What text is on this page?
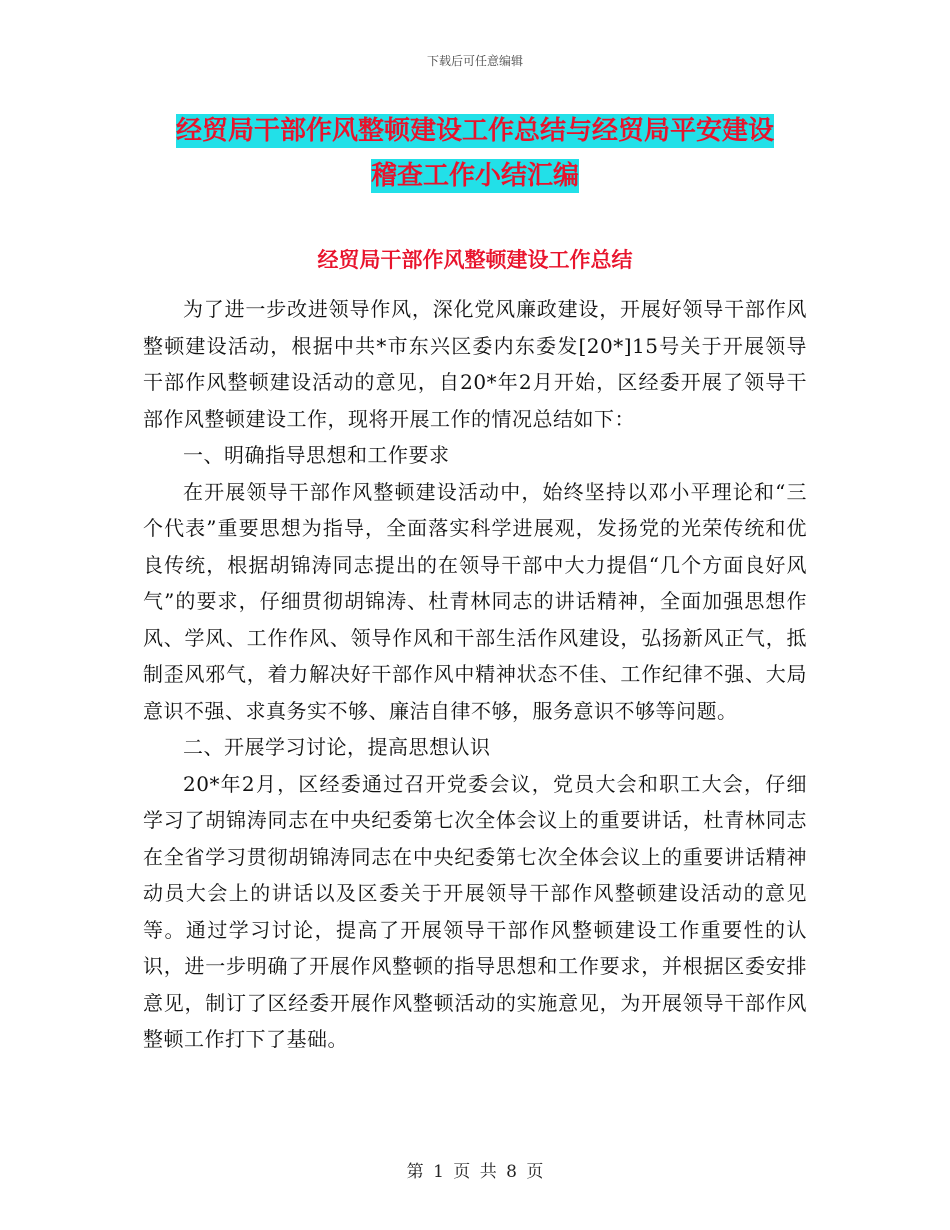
下载后可任意编辑
经贸局干部作风整顿建设工作总结与经贸局平安建设
稽查工作小结汇编
经贸局干部作风整顿建设工作总结

为了进一步改进领导作风，深化党风廉政建设，开展好领导干部作风整顿建设活动，根据中共*市东兴区委内东委发[20*]15号关于开展领导干部作风整顿建设活动的意见，自20*年2月开始，区经委开展了领导干部作风整顿建设工作，现将开展工作的情况总结如下：

一、明确指导思想和工作要求

在开展领导干部作风整顿建设活动中，始终坚持以邓小平理论和“三个代表”重要思想为指导，全面落实科学进展观，发扬党的光荣传统和优良传统，根据胡锦涛同志提出的在领导干部中大力提倡“几个方面良好风气”的要求，仔细贯彻胡锦涛、杜青林同志的讲话精神，全面加强思想作风、学风、工作作风、领导作风和干部生活作风建设，弘扬新风正气，抵制歪风邪气，着力解决好干部作风中精神状态不佳、工作纪律不强、大局意识不强、求真务实不够、廉洁自律不够，服务意识不够等问题。

二、开展学习讨论，提高思想认识

20*年2月，区经委通过召开党委会议，党员大会和职工大会，仔细学习了胡锦涛同志在中央纪委第七次全体会议上的重要讲话，杜青林同志在全省学习贯彻胡锦涛同志在中央纪委第七次全体会议上的重要讲话精神动员大会上的讲话以及区委关于开展领导干部作风整顿建设活动的意见等。通过学习讨论，提高了开展领导干部作风整顿建设工作重要性的认识，进一步明确了开展作风整顿的指导思想和工作要求，并根据区委安排意见，制订了区经委开展作风整顿活动的实施意见，为开展领导干部作风整顿工作打下了基础。

第 1 页 共 8 页
